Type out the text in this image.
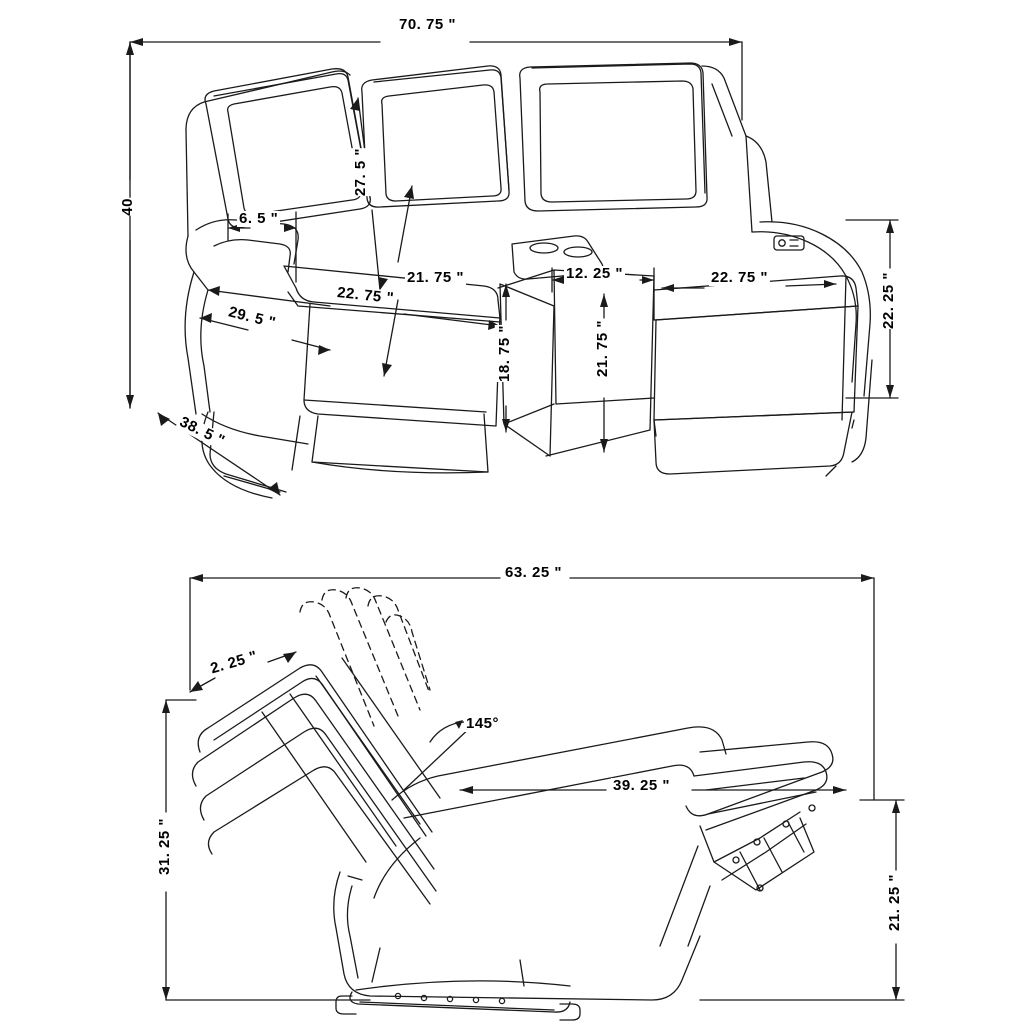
70. 75 "
40
27. 5 "
6. 5 "
21. 75 "
22. 75 "
29. 5 "
38. 5 "
18. 75 "
12. 25 "
21. 75 "
22. 75 "	22. 25 "
63. 25 "
2. 25 "
145°
39. 25 "
31. 25 "
21. 25 "
